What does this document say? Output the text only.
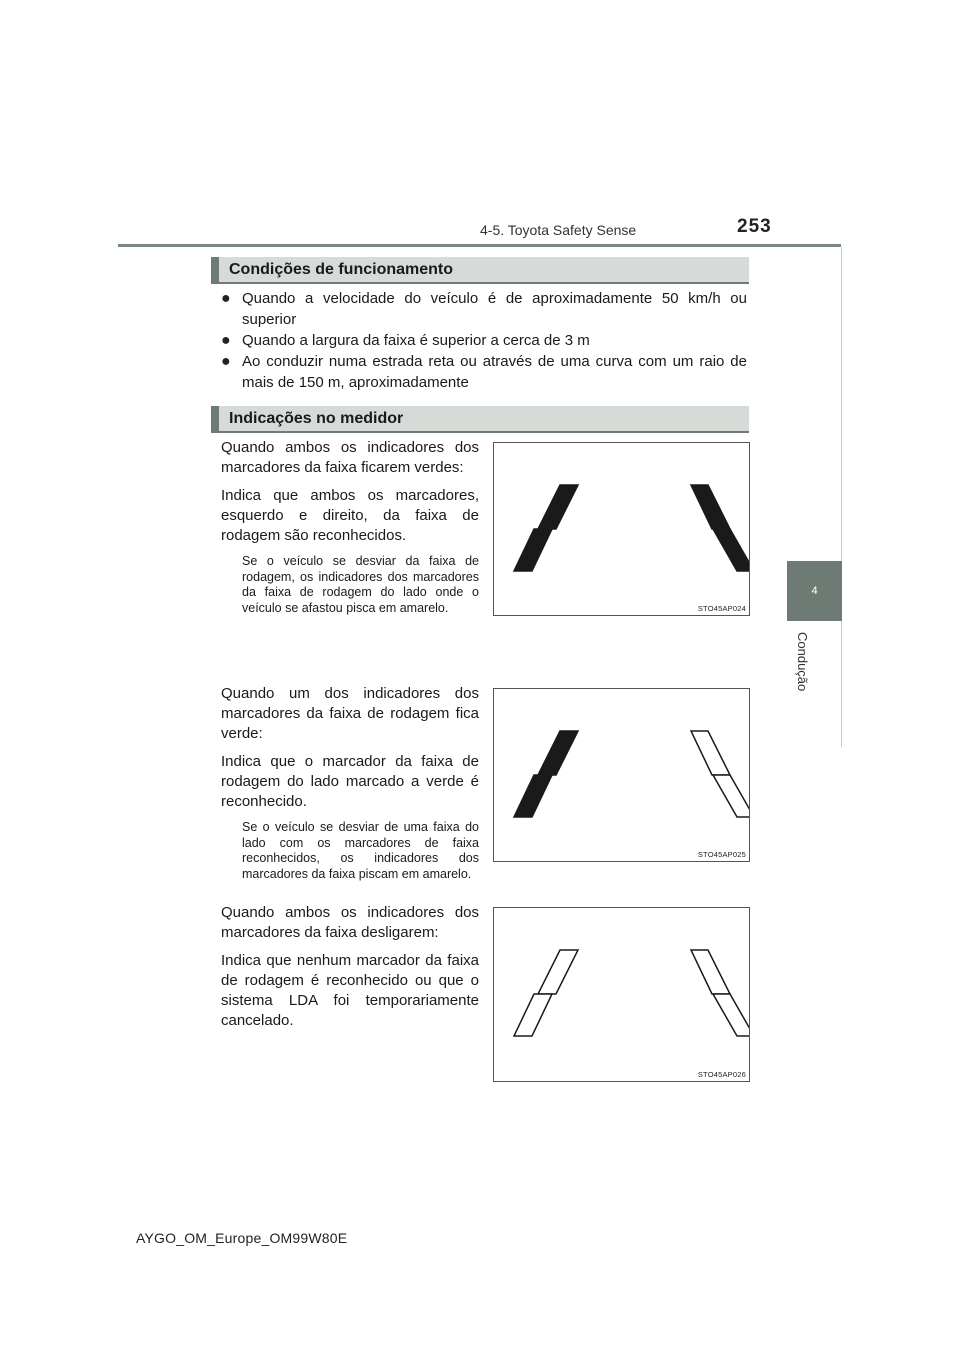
4-5. Toyota Safety Sense	253
4
Condução
Condições de funcionamento
● Quando a velocidade do veículo é de aproximadamente 50 km/h ou superior
● Quando a largura da faixa é superior a cerca de 3 m
● Ao conduzir numa estrada reta ou através de uma curva com um raio de mais de 150 m, aproximadamente
Indicações no medidor

Quando ambos os indicadores dos marcadores da faixa ficarem verdes:

Indica que ambos os marcadores, esquerdo e direito, da faixa de rodagem são reconhecidos.

Se o veículo se desviar da faixa de rodagem, os indicadores dos marcadores da faixa de rodagem do lado onde o veículo se afastou pisca em amarelo.	STO45AP024

Quando um dos indicadores dos marcadores da faixa de rodagem fica verde:

Indica que o marcador da faixa de rodagem do lado marcado a verde é reconhecido.

Se o veículo se desviar de uma faixa do lado com os marcadores de faixa reconhecidos, os indicadores dos marcadores da faixa piscam em amarelo.

STO45AP025

Quando ambos os indicadores dos marcadores da faixa desligarem:

Indica que nenhum marcador da faixa de rodagem é reconhecido ou que o sistema LDA foi temporariamente cancelado.

STO45AP026
AYGO_OM_Europe_OM99W80E
